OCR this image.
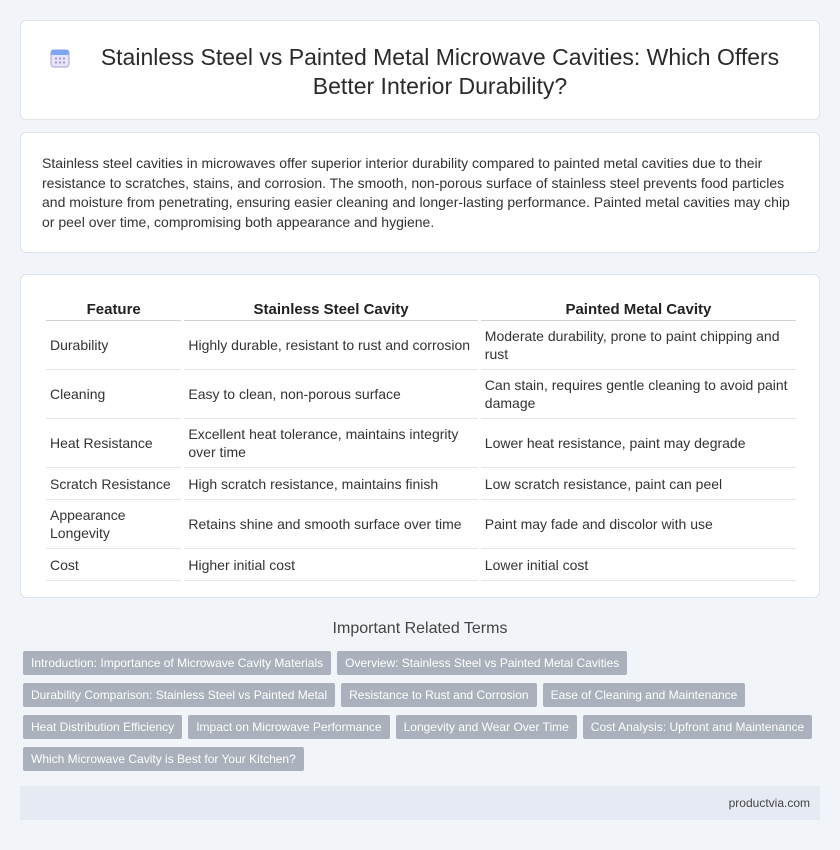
Stainless Steel vs Painted Metal Microwave Cavities: Which Offers Better Interior Durability?

Stainless steel cavities in microwaves offer superior interior durability compared to painted metal cavities due to their resistance to scratches, stains, and corrosion. The smooth, non-porous surface of stainless steel prevents food particles and moisture from penetrating, ensuring easier cleaning and longer-lasting performance. Painted metal cavities may chip or peel over time, compromising both appearance and hygiene.

Feature	Stainless Steel Cavity	Painted Metal Cavity
Durability	Highly durable, resistant to rust and corrosion	Moderate durability, prone to paint chipping and rust
Cleaning	Easy to clean, non-porous surface	Can stain, requires gentle cleaning to avoid paint damage
Heat Resistance	Excellent heat tolerance, maintains integrity over time	Lower heat resistance, paint may degrade
Scratch Resistance	High scratch resistance, maintains finish	Low scratch resistance, paint can peel
Appearance Longevity	Retains shine and smooth surface over time	Paint may fade and discolor with use
Cost	Higher initial cost	Lower initial cost
Important Related Terms
Introduction: Importance of Microwave Cavity Materials	Overview: Stainless Steel vs Painted Metal Cavities
Durability Comparison: Stainless Steel vs Painted Metal	Resistance to Rust and Corrosion	Ease of Cleaning and Maintenance
Heat Distribution Efficiency	Impact on Microwave Performance	Longevity and Wear Over Time	Cost Analysis: Upfront and Maintenance
Which Microwave Cavity is Best for Your Kitchen?
productvia.com
